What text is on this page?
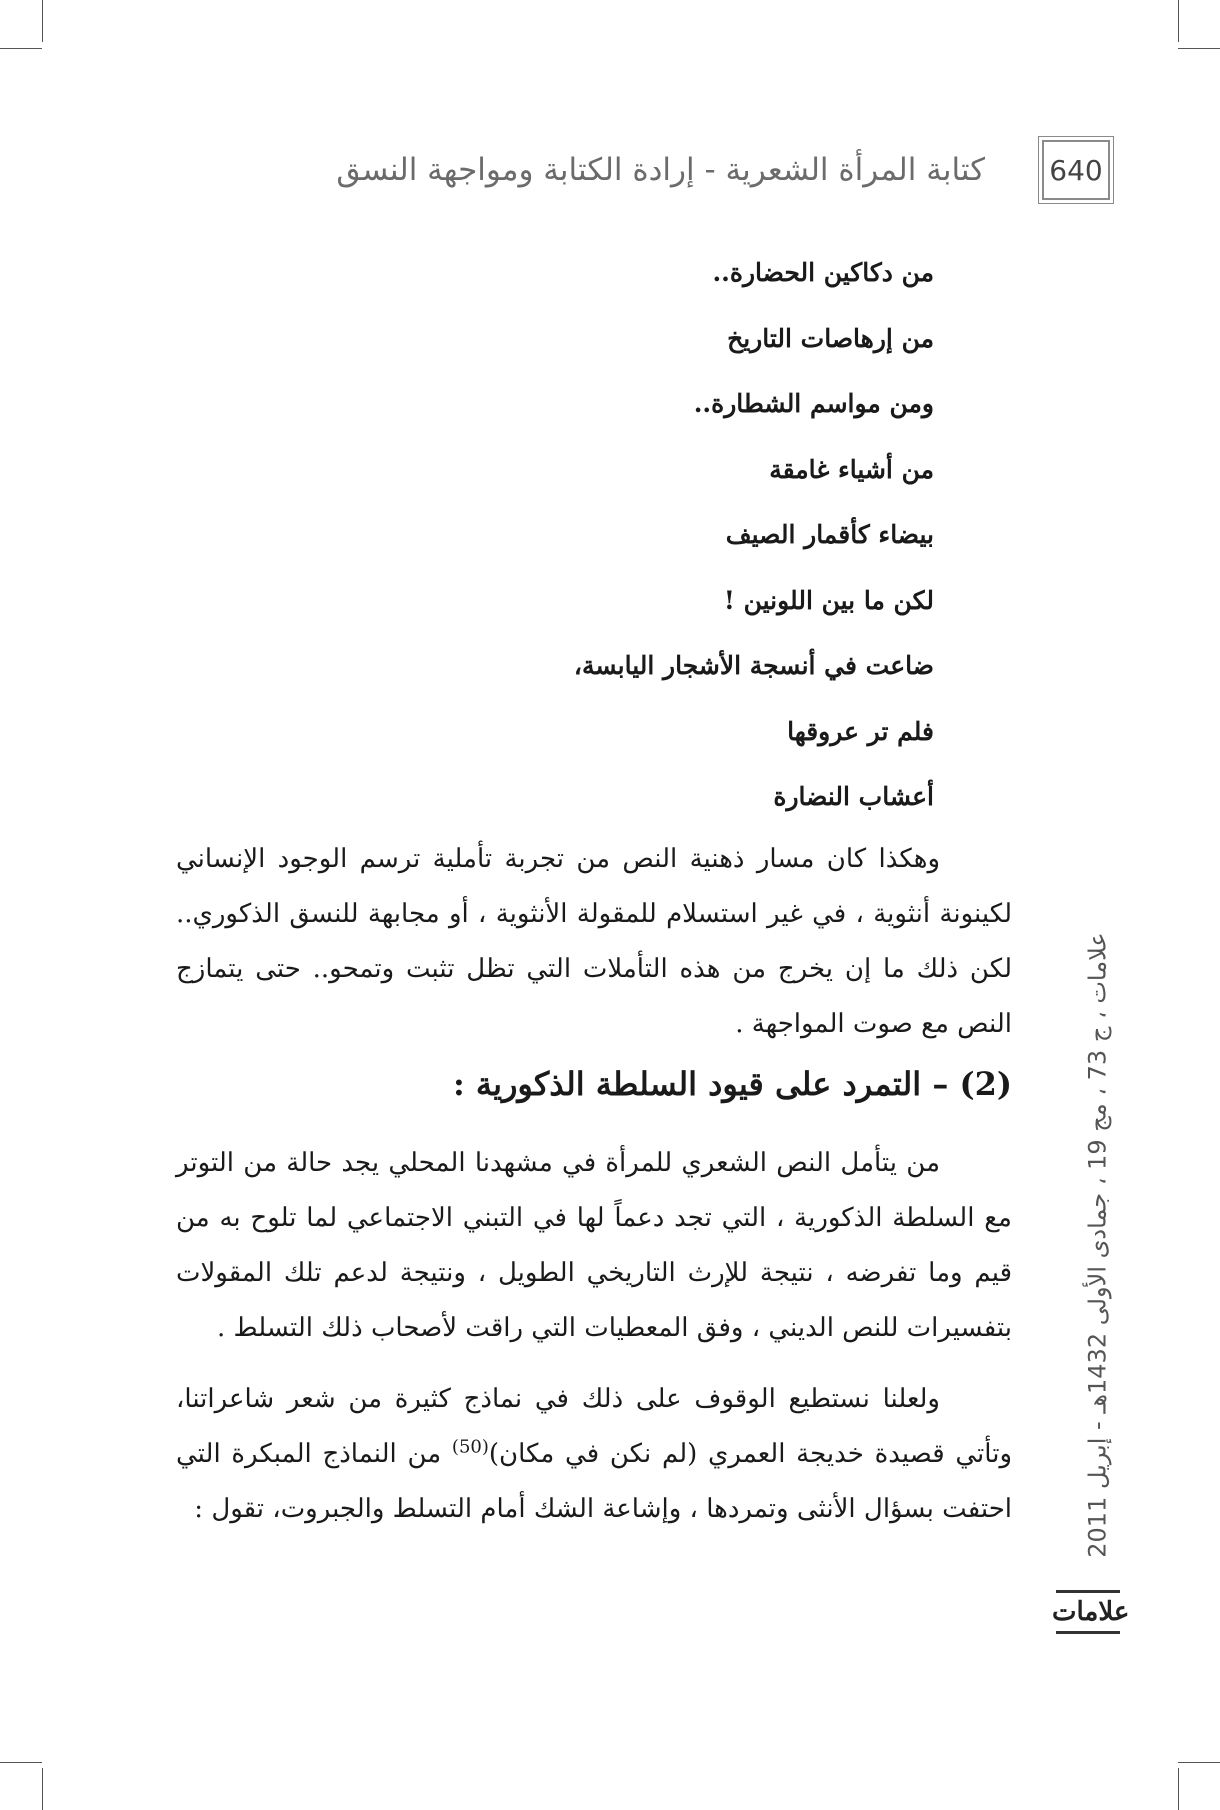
كتابة المرأة الشعرية - إرادة الكتابة ومواجهة النسق 640
من دكاكين الحضارة..
من إرهاصات التاريخ
ومن مواسم الشطارة..
من أشياء غامقة
بيضاء كأقمار الصيف
لكن ما بين اللونين !
ضاعت في أنسجة الأشجار اليابسة،
فلم تر عروقها
أعشاب النضارة

وهكذا كان مسار ذهنية النص من تجربة تأملية ترسم الوجود الإنساني لكينونة أنثوية ، في غير استسلام للمقولة الأنثوية ، أو مجابهة للنسق الذكوري.. لكن ذلك ما إن يخرج من هذه التأملات التي تظل تثبت وتمحو.. حتى يتمازج النص مع صوت المواجهة .

(2) – التمرد على قيود السلطة الذكورية :

من يتأمل النص الشعري للمرأة في مشهدنا المحلي يجد حالة من التوتر مع السلطة الذكورية ، التي تجد دعماً لها في التبني الاجتماعي لما تلوح به من قيم وما تفرضه ، نتيجة للإرث التاريخي الطويل ، ونتيجة لدعم تلك المقولات بتفسيرات للنص الديني ، وفق المعطيات التي راقت لأصحاب ذلك التسلط .

ولعلنا نستطيع الوقوف على ذلك في نماذج كثيرة من شعر شاعراتنا، وتأتي قصيدة خديجة العمري (لم نكن في مكان)$^{(50)}$ من النماذج المبكرة التي احتفت بسؤال الأنثى وتمردها ، وإشاعة الشك أمام التسلط والجبروت، تقول :	علامات ، ج 73 ، مج 19 ، جمادى الأولى 1432هـ - إبريل 2011
علامات
